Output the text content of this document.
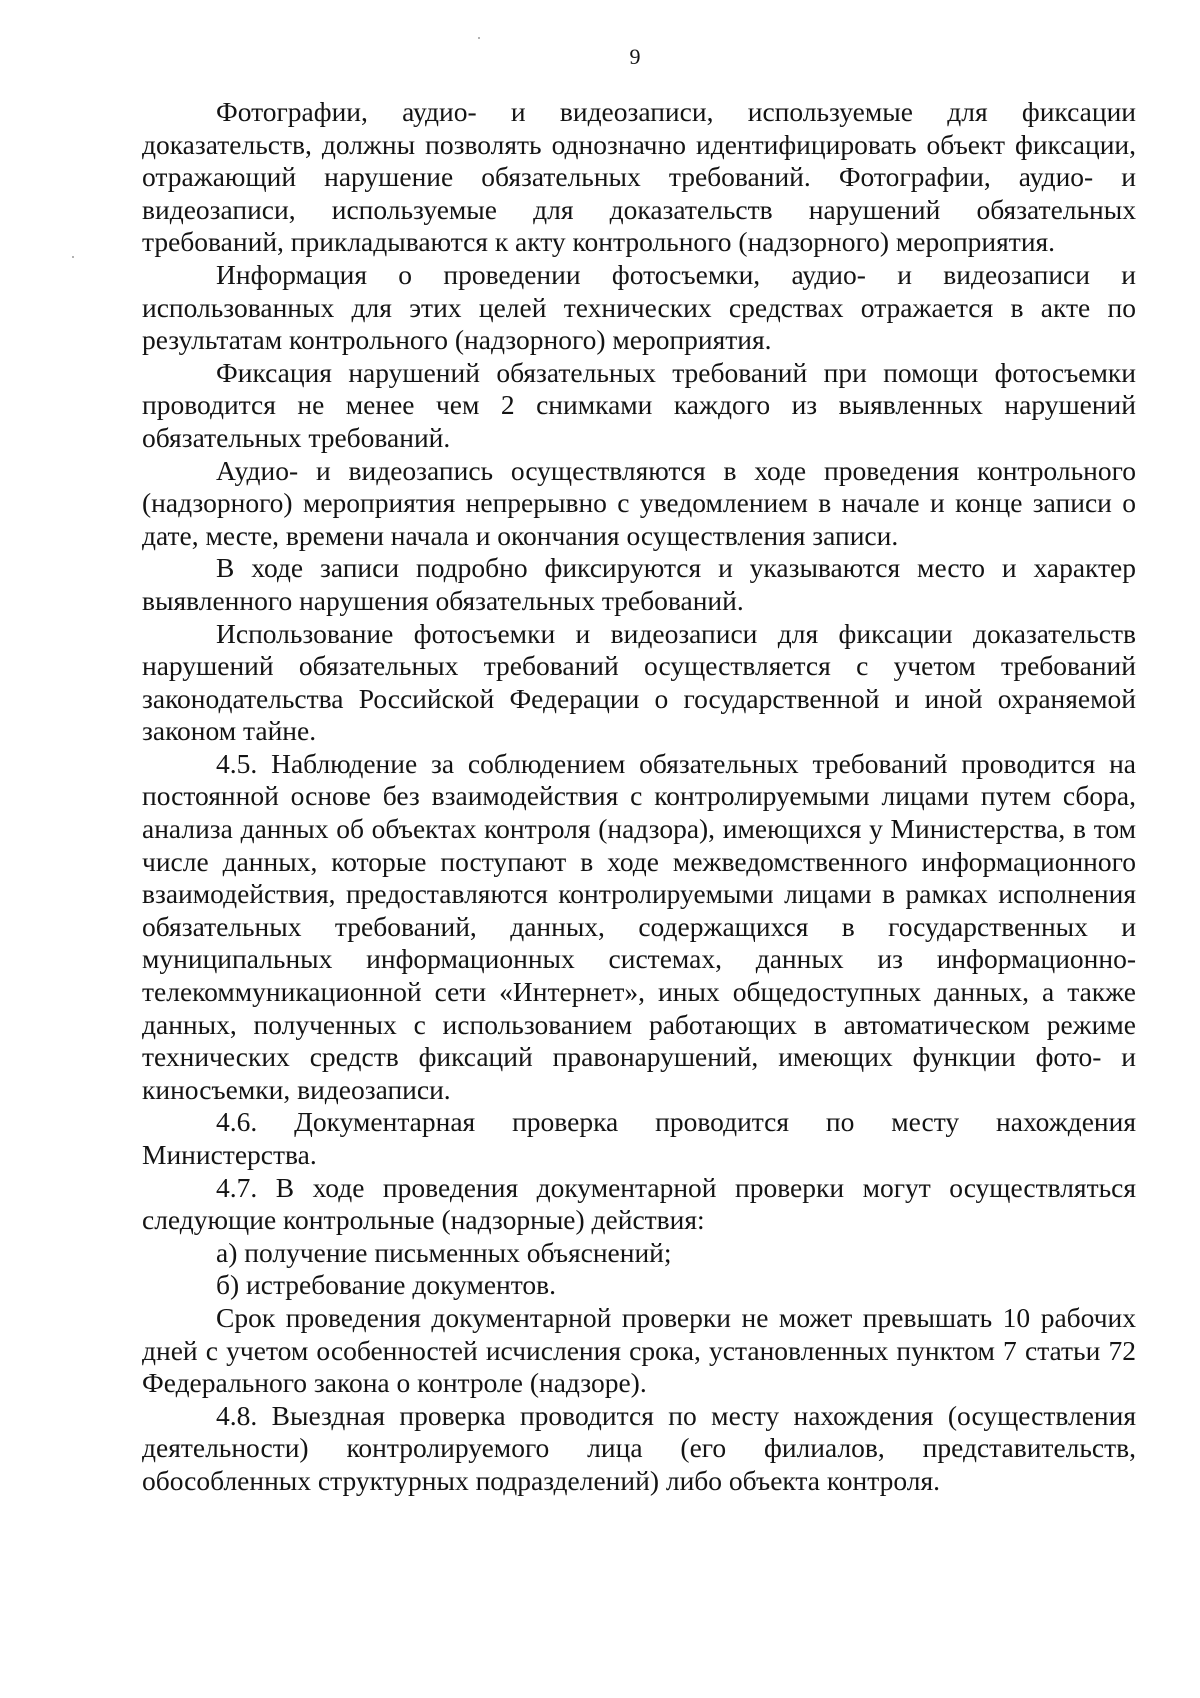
9

Фотографии, аудио- и видеозаписи, используемые для фиксации доказательств, должны позволять однозначно идентифицировать объект фиксации, отражающий нарушение обязательных требований. Фотографии, аудио- и видеозаписи, используемые для доказательств нарушений обязательных требований, прикладываются к акту контрольного (надзорного) мероприятия.

Информация о проведении фотосъемки, аудио- и видеозаписи и использованных для этих целей технических средствах отражается в акте по результатам контрольного (надзорного) мероприятия.

Фиксация нарушений обязательных требований при помощи фотосъемки проводится не менее чем 2 снимками каждого из выявленных нарушений обязательных требований.

Аудио- и видеозапись осуществляются в ходе проведения контрольного (надзорного) мероприятия непрерывно с уведомлением в начале и конце записи о дате, месте, времени начала и окончания осуществления записи.

В ходе записи подробно фиксируются и указываются место и характер выявленного нарушения обязательных требований.

Использование фотосъемки и видеозаписи для фиксации доказательств нарушений обязательных требований осуществляется с учетом требований законодательства Российской Федерации о государственной и иной охраняемой законом тайне.

4.5. Наблюдение за соблюдением обязательных требований проводится на постоянной основе без взаимодействия с контролируемыми лицами путем сбора, анализа данных об объектах контроля (надзора), имеющихся у Министерства, в том числе данных, которые поступают в ходе межведомственного информационного взаимодействия, предоставляются контролируемыми лицами в рамках исполнения обязательных требований, данных, содержащихся в государственных и муниципальных информационных системах, данных из информационно-телекоммуникационной сети «Интернет», иных общедоступных данных, а также данных, полученных с использованием работающих в автоматическом режиме технических средств фиксаций правонарушений, имеющих функции фото- и киносъемки, видеозаписи.

4.6. Документарная проверка проводится по месту нахождения Министерства.

4.7. В ходе проведения документарной проверки могут осуществляться следующие контрольные (надзорные) действия:

а) получение письменных объяснений;

б) истребование документов.

Срок проведения документарной проверки не может превышать 10 рабочих дней с учетом особенностей исчисления срока, установленных пунктом 7 статьи 72 Федерального закона о контроле (надзоре).

4.8. Выездная проверка проводится по месту нахождения (осуществления деятельности) контролируемого лица (его филиалов, представительств, обособленных структурных подразделений) либо объекта контроля.
